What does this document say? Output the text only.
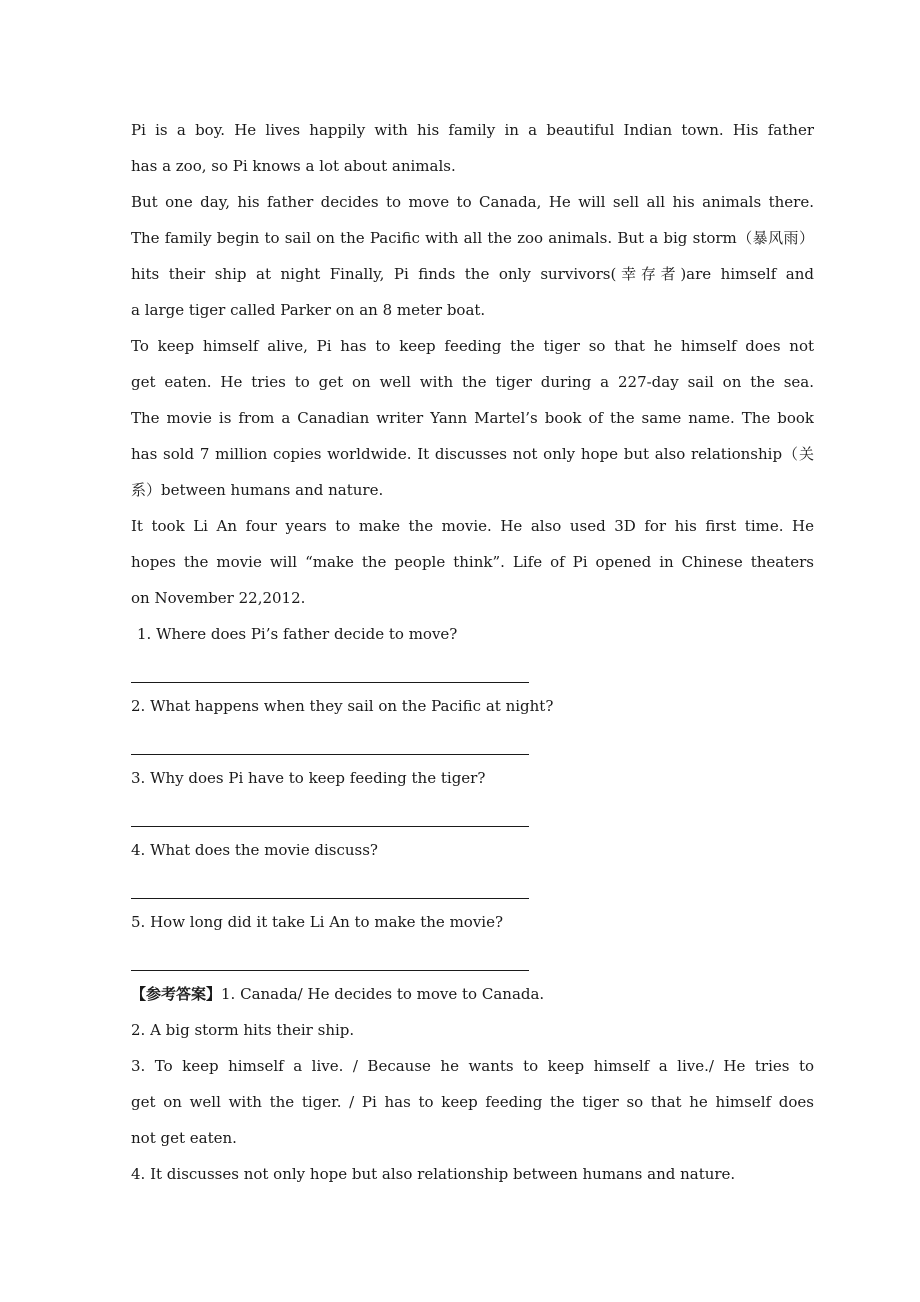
Pi is a boy. He lives happily with his family in a beautiful Indian town. His father
has a zoo, so Pi knows a lot about animals.
But one day, his father decides to move to Canada, He will sell all his animals there.
The family begin to sail on the Pacific with all the zoo animals. But a big storm（暴风雨）
hits their ship at night Finally, Pi finds the only survivors(幸存者)are himself and
a large tiger called Parker on an 8 meter boat.
To keep himself alive, Pi has to keep feeding the tiger so that he himself does not
get eaten. He tries to get on well with the tiger during a 227-day sail on the sea.
The movie is from a Canadian writer Yann Martel’s book of the same name. The book
has sold 7 million copies worldwide. It discusses not only hope but also relationship（关
系）between humans and nature.
It took Li An four years to make the movie. He also used 3D for his first time. He
hopes the movie will “make the people think”. Life of Pi opened in Chinese theaters
on November 22,2012.
1. Where does Pi’s father decide to move?
2. What happens when they sail on the Pacific at night?
3. Why does Pi have to keep feeding the tiger?
4. What does the movie discuss?
5. How long did it take Li An to make the movie?
【参考答案】1. Canada/ He decides to move to Canada.
2. A big storm hits their ship.
3. To keep himself a live. / Because he wants to keep himself a live./ He tries to
get on well with the tiger. / Pi has to keep feeding the tiger so that he himself does
not get eaten.
4. It discusses not only hope but also relationship between humans and nature.
